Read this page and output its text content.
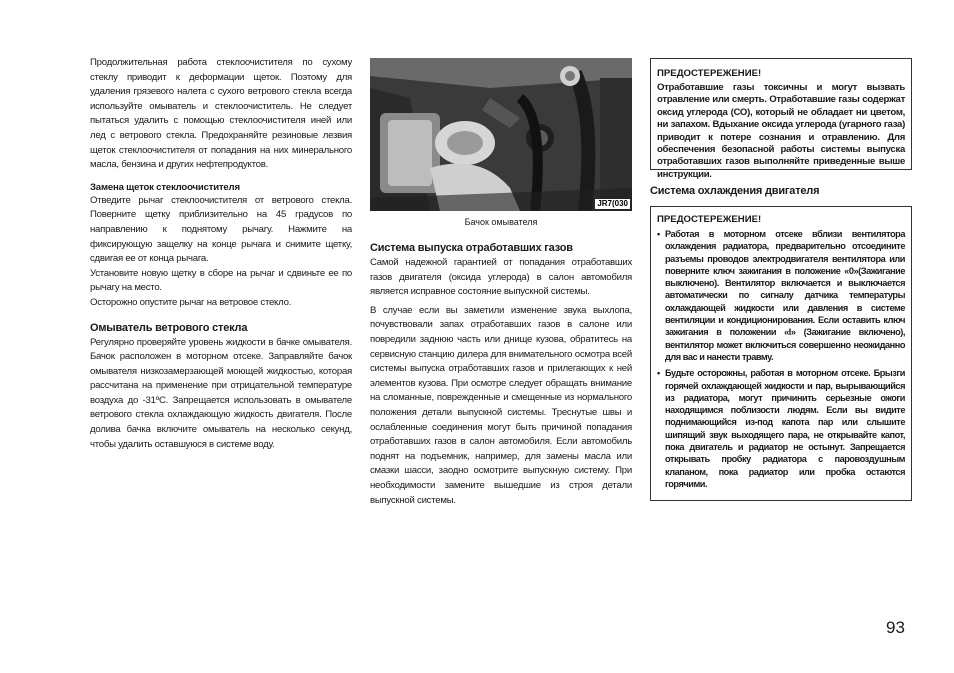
Продолжительная работа стеклоочистителя по сухому стеклу приводит к деформации щеток. Поэтому для удаления грязевого налета с сухого ветрового стекла всегда используйте омыватель и стеклоочиститель. Не следует пытаться удалить с помощью стеклоочистителя иней или лед с ветрового стекла. Предохраняйте резиновые лезвия щеток стеклоочистителя от попадания на них минерального масла, бензина и других нефтепродуктов.

Замена щеток стеклоочистителя

Отведите рычаг стеклоочистителя от ветрового стекла. Поверните щетку приблизительно на 45 градусов по направлению к поднятому рычагу. Нажмите на фиксирующую защелку на конце рычага и снимите щетку, сдвигая ее от конца рычага.

Установите новую щетку в сборе на рычаг и сдвиньте ее по рычагу на место.

Осторожно опустите рычаг на ветровое стекло.

Омыватель ветрового стекла

Регулярно проверяйте уровень жидкости в бачке омывателя. Бачок расположен в моторном отсеке. Заправляйте бачок омывателя низкозамерзающей моющей жидкостью, которая рассчитана на применение при отрицательной температуре воздуха до -31ºС. Запрещается использовать в омывателе ветрового стекла охлаждающую жидкость двигателя. После долива бачка включите омыватель на несколько секунд, чтобы удалить оставшуюся в системе воду.

JR7(030
Бачок омывателя
Система выпуска отработавших газов

Самой надежной гарантией от попадания отработавших газов двигателя (оксида углерода) в салон автомобиля является исправное состояние выпускной системы.

В случае если вы заметили изменение звука выхлопа, почувствовали запах отработавших газов в салоне или повредили заднюю часть или днище кузова, обратитесь на сервисную станцию дилера для внимательного осмотра всей системы выпуска отработавших газов и прилегающих к ней элементов кузова. При осмотре следует обращать внимание на сломанные, поврежденные и смещенные из нормального положения детали выпускной системы. Треснутые швы и ослабленные соединения могут быть причиной попадания отработавших газов в салон автомобиля. Если автомобиль поднят на подъемник, например, для замены масла или смазки шасси, заодно осмотрите выпускную систему. При необходимости замените вышедшие из строя детали выпускной системы.

ПРЕДОСТЕРЕЖЕНИЕ!

Отработавшие газы токсичны и могут вызвать отравление или смерть. Отработавшие газы содержат оксид углерода (СО), который не обладает ни цветом, ни запахом. Вдыхание оксида углерода (угарного газа) приводит к потере сознания и отравлению. Для обеспечения безопасной работы системы выпуска отработавших газов выполняйте приведенные выше инструкции.

Система охлаждения двигателя
ПРЕДОСТЕРЕЖЕНИЕ!
• Работая в моторном отсеке вблизи вентилятора охлаждения радиатора, предварительно отсоедините разъемы проводов электродвигателя вентилятора или поверните ключ зажигания в положение «0»(Зажигание выключено). Вентилятор включается и выключается автоматически по сигналу датчика температуры охлаждающей жидкости или давления в системе вентиляции и кондиционирования. Если оставить ключ зажигания в положении «I» (Зажигание включено), вентилятор может включиться совершенно неожиданно для вас и нанести травму.
• Будьте осторожны, работая в моторном отсеке. Брызги горячей охлаждающей жидкости и пар, вырывающийся из радиатора, могут причинить серьезные ожоги находящимся поблизости людям. Если вы видите поднимающийся из-под капота пар или слышите шипящий звук выходящего пара, не открывайте капот, пока двигатель и радиатор не остынут. Запрещается открывать пробку радиатора с паровоздушным клапаном, пока радиатор или пробка остаются горячими.
93
